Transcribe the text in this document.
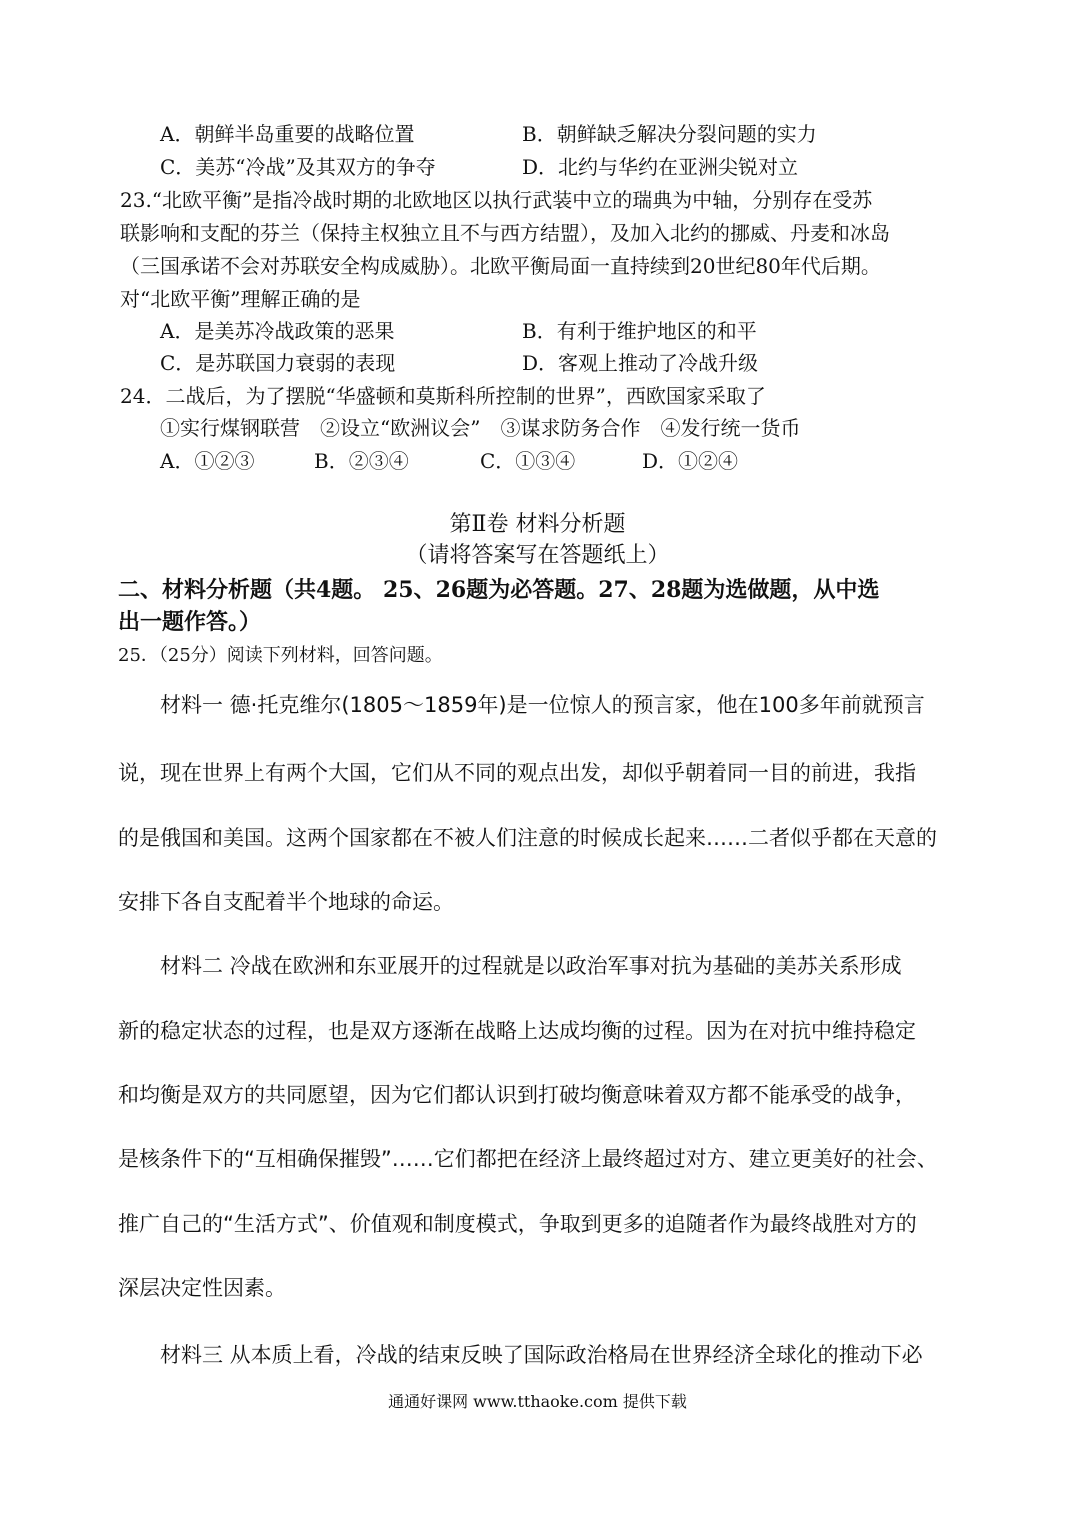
A．朝鲜半岛重要的战略位置	B．朝鲜缺乏解决分裂问题的实力
C．美苏“冷战”及其双方的争夺	D．北约与华约在亚洲尖锐对立
23.“北欧平衡”是指冷战时期的北欧地区以执行武装中立的瑞典为中轴，分别存在受苏
联影响和支配的芬兰（保持主权独立且不与西方结盟），及加入北约的挪威、丹麦和冰岛
（三国承诺不会对苏联安全构成威胁）。北欧平衡局面一直持续到20世纪80年代后期。
对“北欧平衡”理解正确的是
A．是美苏冷战政策的恶果	B．有利于维护地区的和平
C．是苏联国力衰弱的表现	D．客观上推动了冷战升级
24．二战后，为了摆脱“华盛顿和莫斯科所控制的世界”，西欧国家采取了
①实行煤钢联营　②设立“欧洲议会”　③谋求防务合作　④发行统一货币
A．①②③	B．②③④	C．①③④	D．①②④
第Ⅱ卷 材料分析题
（请将答案写在答题纸上）
二、材料分析题（共4题。 25、26题为必答题。27、28题为选做题，从中选
出一题作答。）
25．（25分）阅读下列材料，回答问题。
材料一 德·托克维尔(1805～1859年)是一位惊人的预言家，他在100多年前就预言
说，现在世界上有两个大国，它们从不同的观点出发，却似乎朝着同一目的前进，我指
的是俄国和美国。这两个国家都在不被人们注意的时候成长起来……二者似乎都在天意的
安排下各自支配着半个地球的命运。
材料二 冷战在欧洲和东亚展开的过程就是以政治军事对抗为基础的美苏关系形成
新的稳定状态的过程，也是双方逐渐在战略上达成均衡的过程。因为在对抗中维持稳定
和均衡是双方的共同愿望，因为它们都认识到打破均衡意味着双方都不能承受的战争，
是核条件下的“互相确保摧毁”……它们都把在经济上最终超过对方、建立更美好的社会、
推广自己的“生活方式”、价值观和制度模式，争取到更多的追随者作为最终战胜对方的
深层决定性因素。
材料三 从本质上看，冷战的结束反映了国际政治格局在世界经济全球化的推动下必
通通好课网 www.tthaoke.com 提供下载
